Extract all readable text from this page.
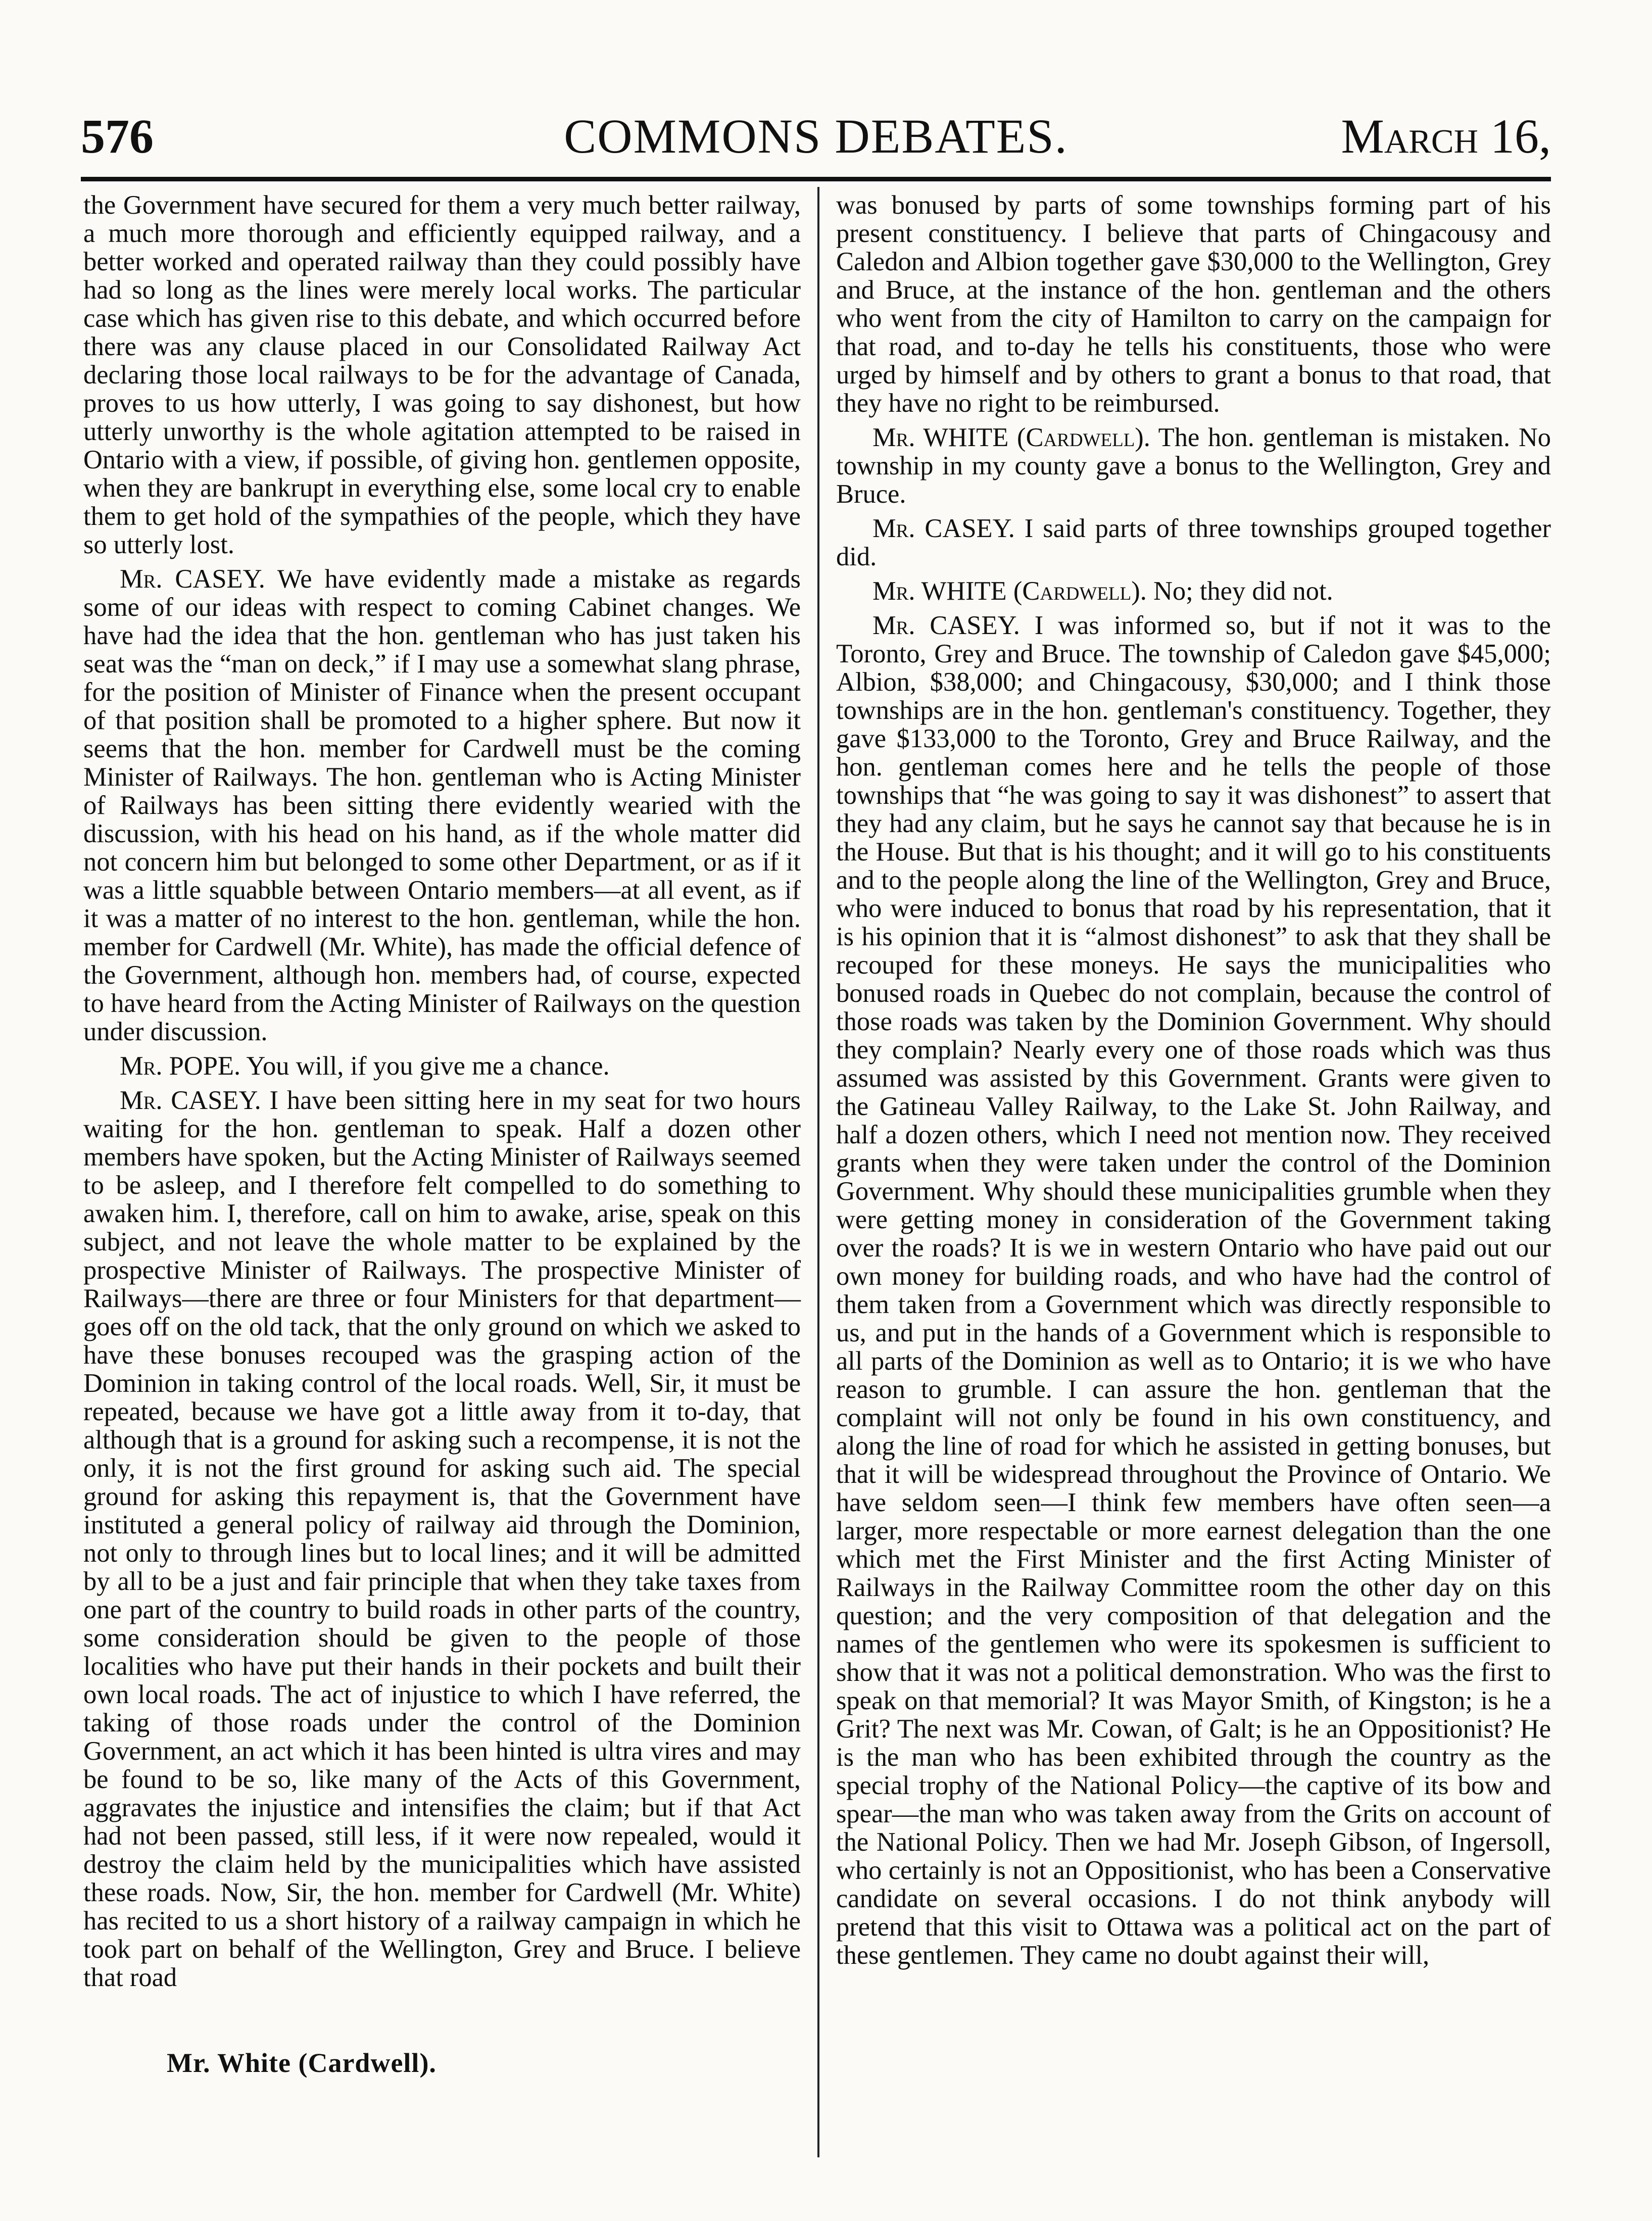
576	COMMONS DEBATES.	March 16,

the Government have secured for them a very much better railway, a much more thorough and efficiently equipped railway, and a better worked and operated railway than they could possibly have had so long as the lines were merely local works. The particular case which has given rise to this debate, and which occurred before there was any clause placed in our Consolidated Railway Act declaring those local railways to be for the advantage of Canada, proves to us how utterly, I was going to say dishonest, but how utterly unworthy is the whole agitation attempted to be raised in Ontario with a view, if possible, of giving hon. gentlemen opposite, when they are bankrupt in everything else, some local cry to enable them to get hold of the sympathies of the people, which they have so utterly lost.

Mr. CASEY. We have evidently made a mistake as regards some of our ideas with respect to coming Cabinet changes. We have had the idea that the hon. gentleman who has just taken his seat was the “man on deck,” if I may use a somewhat slang phrase, for the position of Minister of Finance when the present occupant of that position shall be promoted to a higher sphere. But now it seems that the hon. member for Cardwell must be the coming Minister of Railways. The hon. gentleman who is Acting Minister of Railways has been sitting there evidently wearied with the discussion, with his head on his hand, as if the whole matter did not concern him but belonged to some other Department, or as if it was a little squabble between Ontario members—at all event, as if it was a matter of no interest to the hon. gentleman, while the hon. member for Cardwell (Mr. White), has made the official defence of the Government, although hon. members had, of course, expected to have heard from the Acting Minister of Railways on the question under discussion.

Mr. POPE. You will, if you give me a chance.

Mr. CASEY. I have been sitting here in my seat for two hours waiting for the hon. gentleman to speak. Half a dozen other members have spoken, but the Acting Minister of Railways seemed to be asleep, and I therefore felt compelled to do something to awaken him. I, therefore, call on him to awake, arise, speak on this subject, and not leave the whole matter to be explained by the prospective Minister of Railways. The prospective Minister of Railways—there are three or four Ministers for that department—goes off on the old tack, that the only ground on which we asked to have these bonuses recouped was the grasping action of the Dominion in taking control of the local roads. Well, Sir, it must be repeated, because we have got a little away from it to-day, that although that is a ground for asking such a recompense, it is not the only, it is not the first ground for asking such aid. The special ground for asking this repayment is, that the Government have instituted a general policy of railway aid through the Dominion, not only to through lines but to local lines; and it will be admitted by all to be a just and fair principle that when they take taxes from one part of the country to build roads in other parts of the country, some consideration should be given to the people of those localities who have put their hands in their pockets and built their own local roads. The act of injustice to which I have referred, the taking of those roads under the control of the Dominion Government, an act which it has been hinted is ultra vires and may be found to be so, like many of the Acts of this Government, aggravates the injustice and intensifies the claim; but if that Act had not been passed, still less, if it were now repealed, would it destroy the claim held by the municipalities which have assisted these roads. Now, Sir, the hon. member for Cardwell (Mr. White) has recited to us a short history of a railway campaign in which he took part on behalf of the Wellington, Grey and Bruce. I believe that road

Mr. White (Cardwell).

was bonused by parts of some townships forming part of his present constituency. I believe that parts of Chingacousy and Caledon and Albion together gave $30,000 to the Wellington, Grey and Bruce, at the instance of the hon. gentleman and the others who went from the city of Hamilton to carry on the campaign for that road, and to-day he tells his constituents, those who were urged by himself and by others to grant a bonus to that road, that they have no right to be reimbursed.

Mr. WHITE (Cardwell). The hon. gentleman is mistaken. No township in my county gave a bonus to the Wellington, Grey and Bruce.

Mr. CASEY. I said parts of three townships grouped together did.

Mr. WHITE (Cardwell). No; they did not.

Mr. CASEY. I was informed so, but if not it was to the Toronto, Grey and Bruce. The township of Caledon gave $45,000; Albion, $38,000; and Chingacousy, $30,000; and I think those townships are in the hon. gentleman's constituency. Together, they gave $133,000 to the Toronto, Grey and Bruce Railway, and the hon. gentleman comes here and he tells the people of those townships that “he was going to say it was dishonest” to assert that they had any claim, but he says he cannot say that because he is in the House. But that is his thought; and it will go to his constituents and to the people along the line of the Wellington, Grey and Bruce, who were induced to bonus that road by his representation, that it is his opinion that it is “almost dishonest” to ask that they shall be recouped for these moneys. He says the municipalities who bonused roads in Quebec do not complain, because the control of those roads was taken by the Dominion Government. Why should they complain? Nearly every one of those roads which was thus assumed was assisted by this Government. Grants were given to the Gatineau Valley Railway, to the Lake St. John Railway, and half a dozen others, which I need not mention now. They received grants when they were taken under the control of the Dominion Government. Why should these municipalities grumble when they were getting money in consideration of the Government taking over the roads? It is we in western Ontario who have paid out our own money for building roads, and who have had the control of them taken from a Government which was directly responsible to us, and put in the hands of a Government which is responsible to all parts of the Dominion as well as to Ontario; it is we who have reason to grumble. I can assure the hon. gentleman that the complaint will not only be found in his own constituency, and along the line of road for which he assisted in getting bonuses, but that it will be widespread throughout the Province of Ontario. We have seldom seen—I think few members have often seen—a larger, more respectable or more earnest delegation than the one which met the First Minister and the first Acting Minister of Railways in the Railway Committee room the other day on this question; and the very composition of that delegation and the names of the gentlemen who were its spokesmen is sufficient to show that it was not a political demonstration. Who was the first to speak on that memorial? It was Mayor Smith, of Kingston; is he a Grit? The next was Mr. Cowan, of Galt; is he an Oppositionist? He is the man who has been exhibited through the country as the special trophy of the National Policy—the captive of its bow and spear—the man who was taken away from the Grits on account of the National Policy. Then we had Mr. Joseph Gibson, of Ingersoll, who certainly is not an Oppositionist, who has been a Conservative candidate on several occasions. I do not think anybody will pretend that this visit to Ottawa was a political act on the part of these gentlemen. They came no doubt against their will,
